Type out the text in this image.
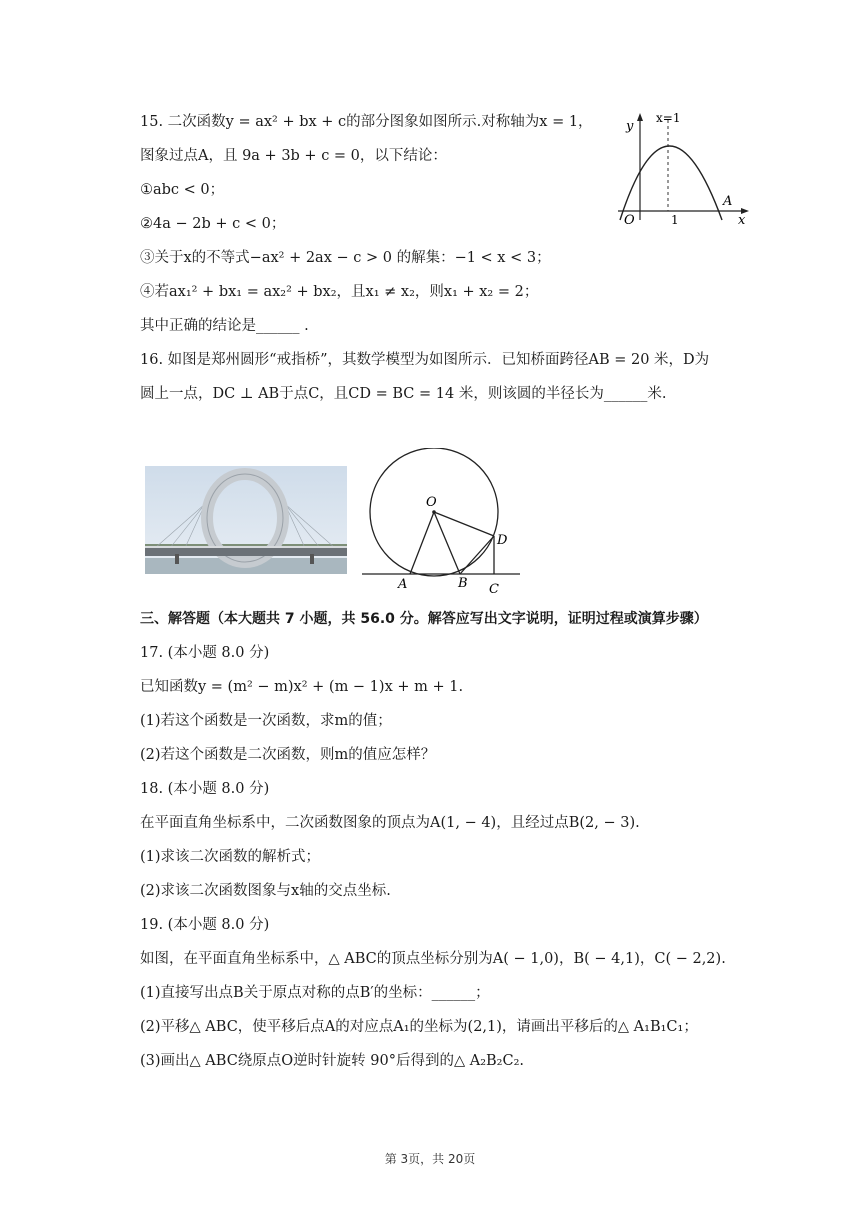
15. 二次函数y = ax² + bx + c的部分图象如图所示.对称轴为x = 1，
图象过点A，且 9a + 3b + c = 0，以下结论：
①abc < 0；
②4a − 2b + c < 0；
③关于x的不等式−ax² + 2ax − c > 0 的解集：−1 < x < 3；
④若ax₁² + bx₁ = ax₂² + bx₂，且x₁ ≠ x₂，则x₁ + x₂ = 2；
其中正确的结论是______ .
y
x=1
O	1
A
x
16. 如图是郑州圆形“戒指桥”，其数学模型为如图所示．已知桥面跨径AB = 20 米，D为
圆上一点，DC ⊥ AB于点C，且CD = BC = 14 米，则该圆的半径长为______米.
O
A	B C
D
三、解答题（本大题共 7 小题，共 56.0 分。解答应写出文字说明，证明过程或演算步骤）
17. (本小题 8.0 分)
已知函数y = (m² − m)x² + (m − 1)x + m + 1.
(1)若这个函数是一次函数，求m的值；
(2)若这个函数是二次函数，则m的值应怎样？
18. (本小题 8.0 分)
在平面直角坐标系中，二次函数图象的顶点为A(1, − 4)，且经过点B(2, − 3).
(1)求该二次函数的解析式；
(2)求该二次函数图象与x轴的交点坐标.
19. (本小题 8.0 分)
如图，在平面直角坐标系中，△ ABC的顶点坐标分别为A( − 1,0)，B( − 4,1)，C( − 2,2).
(1)直接写出点B关于原点对称的点B′的坐标：______；
(2)平移△ ABC，使平移后点A的对应点A₁的坐标为(2,1)，请画出平移后的△ A₁B₁C₁；
(3)画出△ ABC绕原点O逆时针旋转 90°后得到的△ A₂B₂C₂.
第 3页，共 20页
